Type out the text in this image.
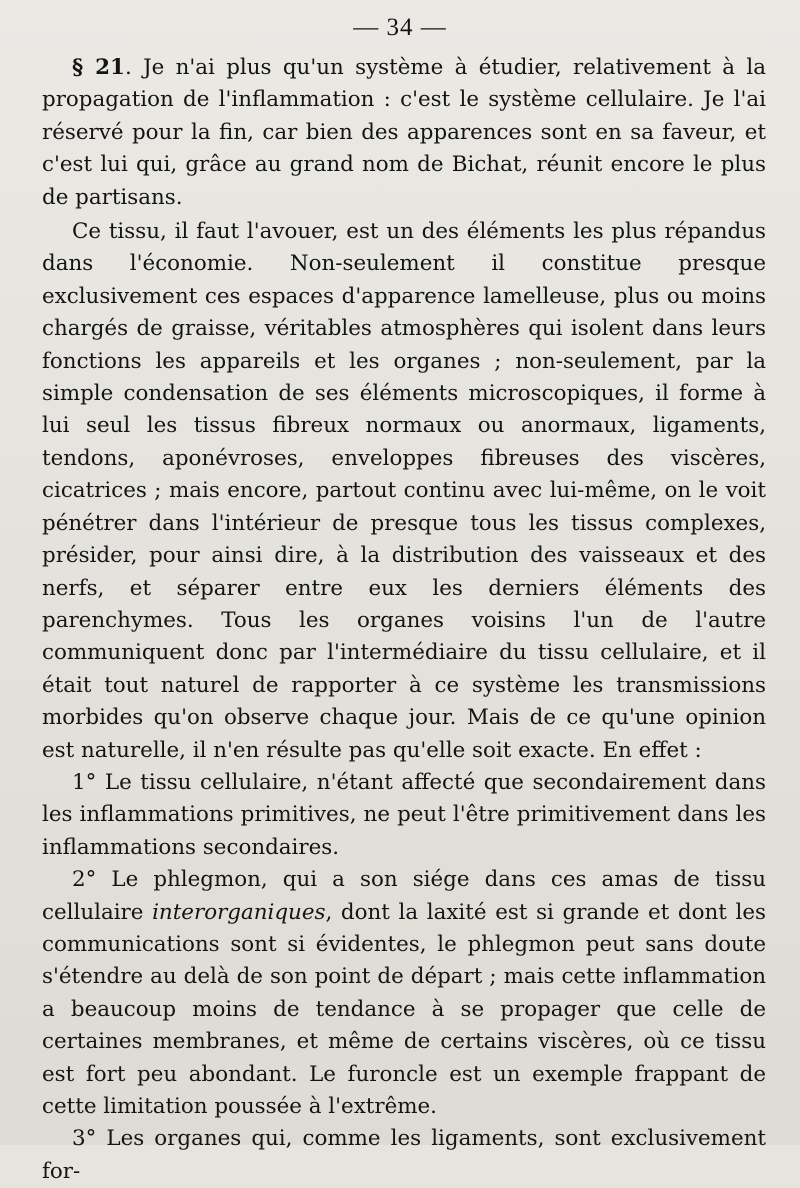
— 34 —

§ 21. Je n'ai plus qu'un système à étudier, relativement à la propagation de l'inflammation : c'est le système cellulaire. Je l'ai réservé pour la fin, car bien des apparences sont en sa faveur, et c'est lui qui, grâce au grand nom de Bichat, réunit encore le plus de partisans.

Ce tissu, il faut l'avouer, est un des éléments les plus répandus dans l'économie. Non-seulement il constitue presque exclusivement ces espaces d'apparence lamelleuse, plus ou moins chargés de graisse, véritables atmosphères qui isolent dans leurs fonctions les appareils et les organes ; non-seulement, par la simple condensation de ses éléments microscopiques, il forme à lui seul les tissus fibreux normaux ou anormaux, ligaments, tendons, aponévroses, enveloppes fibreuses des viscères, cicatrices ; mais encore, partout continu avec lui-même, on le voit pénétrer dans l'intérieur de presque tous les tissus complexes, présider, pour ainsi dire, à la distribution des vaisseaux et des nerfs, et séparer entre eux les derniers éléments des parenchymes. Tous les organes voisins l'un de l'autre communiquent donc par l'intermédiaire du tissu cellulaire, et il était tout naturel de rapporter à ce système les transmissions morbides qu'on observe chaque jour. Mais de ce qu'une opinion est naturelle, il n'en résulte pas qu'elle soit exacte. En effet :

1° Le tissu cellulaire, n'étant affecté que secondairement dans les inflammations primitives, ne peut l'être primitivement dans les inflammations secondaires.

2° Le phlegmon, qui a son siége dans ces amas de tissu cellulaire interorganiques, dont la laxité est si grande et dont les communications sont si évidentes, le phlegmon peut sans doute s'étendre au delà de son point de départ ; mais cette inflammation a beaucoup moins de tendance à se propager que celle de certaines membranes, et même de certains viscères, où ce tissu est fort peu abondant. Le furoncle est un exemple frappant de cette limitation poussée à l'extrême.

3° Les organes qui, comme les ligaments, sont exclusivement for-
